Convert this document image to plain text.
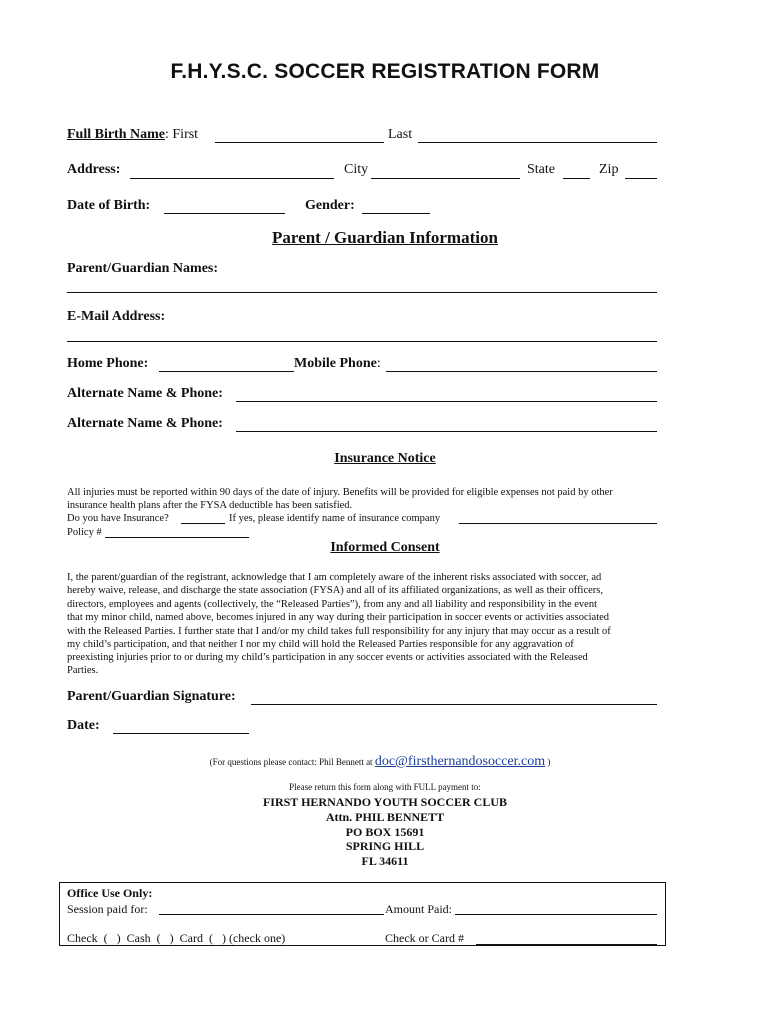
F.H.Y.S.C. SOCCER REGISTRATION FORM
Full Birth Name: First	Last
Address:	City	State	Zip
Date of Birth:	Gender:
Parent / Guardian Information
Parent/Guardian Names:
E-Mail Address:
Home Phone:	Mobile Phone:
Alternate Name & Phone:
Alternate Name & Phone:
Insurance Notice
All injuries must be reported within 90 days of the date of injury. Benefits will be provided for eligible expenses not paid by other
insurance health plans after the FYSA deductible has been satisfied.
Do you have Insurance?	If yes, please identify name of insurance company
Policy #
Informed Consent
I, the parent/guardian of the registrant, acknowledge that I am completely aware of the inherent risks associated with soccer, ad
hereby waive, release, and discharge the state association (FYSA) and all of its affiliated organizations, as well as their officers,
directors, employees and agents (collectively, the “Released Parties”), from any and all liability and responsibility in the event
that my minor child, named above, becomes injured in any way during their participation in soccer events or activities associated
with the Released Parties. I further state that I and/or my child takes full responsibility for any injury that may occur as a result of
my child’s participation, and that neither I nor my child will hold the Released Parties responsible for any aggravation of
preexisting injuries prior to or during my child’s participation in any soccer events or activities associated with the Released
Parties.
Parent/Guardian Signature:
Date:
(For questions please contact: Phil Bennett at doc@firsthernandosoccer.com )
Please return this form along with FULL payment to:
FIRST HERNANDO YOUTH SOCCER CLUB
Attn. PHIL BENNETT
PO BOX 15691
SPRING HILL
FL 34611
Office Use Only:
Session paid for:	Amount Paid:
Check  (   )  Cash  (   )  Card  (   ) (check one)	Check or Card #
